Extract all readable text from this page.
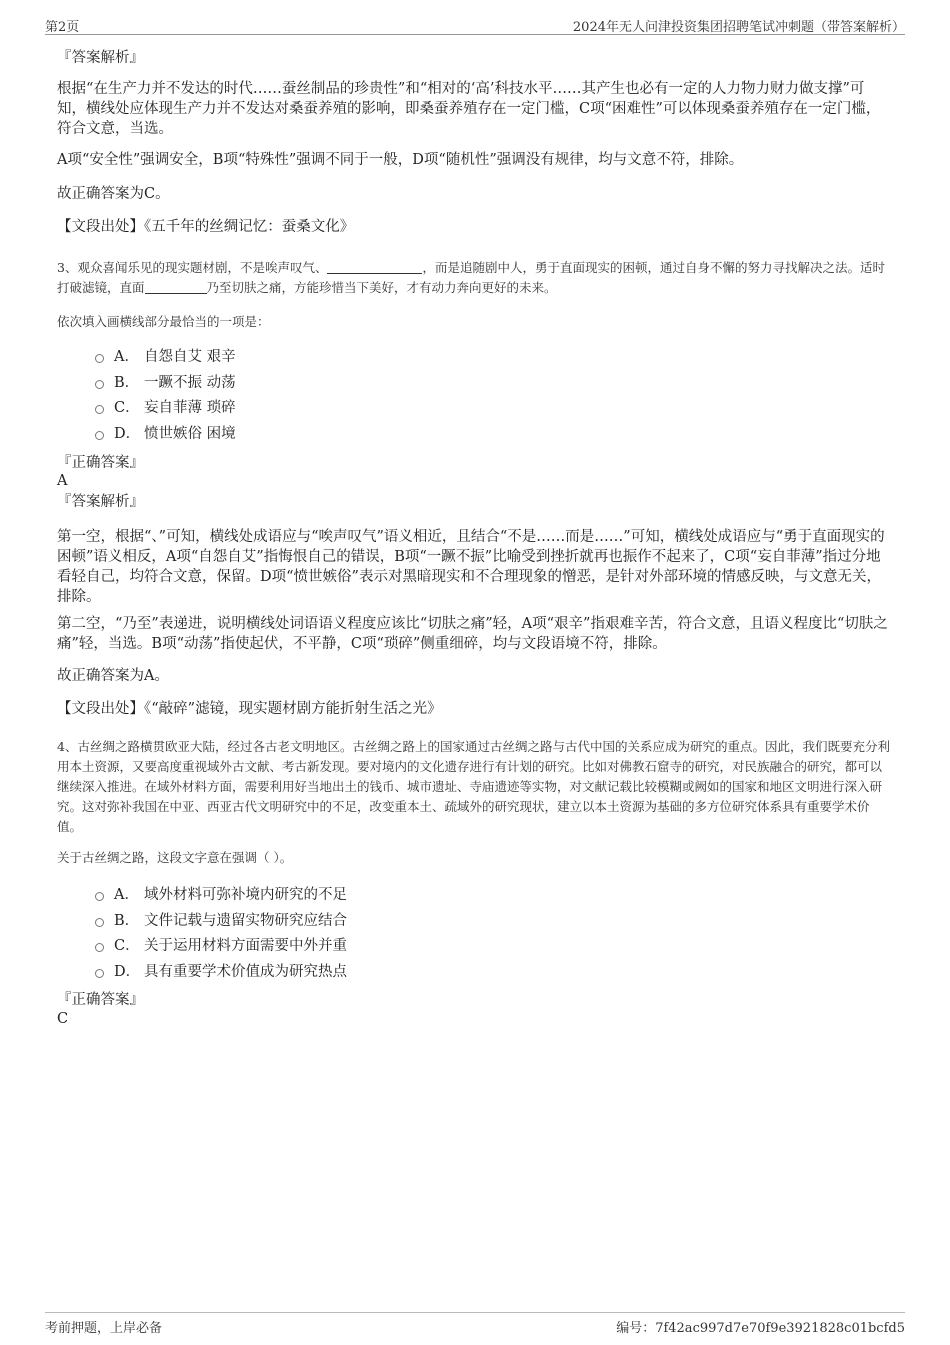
第2页	2024年无人问津投资集团招聘笔试冲刺题（带答案解析）
『答案解析』
根据“在生产力并不发达的时代……蚕丝制品的珍贵性”和“相对的‘高’科技水平……其产生也必有一定的人力物力财力做支撑”可知，横线处应体现生产力并不发达对桑蚕养殖的影响，即桑蚕养殖存在一定门槛，C项“困难性”可以体现桑蚕养殖存在一定门槛，符合文意，当选。
A项“安全性”强调安全，B项“特殊性”强调不同于一般，D项“随机性”强调没有规律，均与文意不符，排除。
故正确答案为C。
【文段出处】《五千年的丝绸记忆：蚕桑文化》
3、观众喜闻乐见的现实题材剧，不是唉声叹气、	，而是追随剧中人，勇于直面现实的困顿，通过自身不懈的努力寻找解决之法。适时打破滤镜，直面	乃至切肤之痛，方能珍惜当下美好，才有动力奔向更好的未来。
依次填入画横线部分最恰当的一项是：
A． 自怨自艾 艰辛
B． 一蹶不振 动荡
C． 妄自菲薄 琐碎
D． 愤世嫉俗 困境
『正确答案』
A
『答案解析』
第一空，根据“、”可知，横线处成语应与“唉声叹气”语义相近，且结合“不是……而是……”可知，横线处成语应与“勇于直面现实的困顿”语义相反，A项“自怨自艾”指悔恨自己的错误，B项“一蹶不振”比喻受到挫折就再也振作不起来了，C项“妄自菲薄”指过分地看轻自己，均符合文意，保留。D项“愤世嫉俗”表示对黑暗现实和不合理现象的憎恶，是针对外部环境的情感反映，与文意无关，排除。
第二空，“乃至”表递进，说明横线处词语语义程度应该比“切肤之痛”轻，A项“艰辛”指艰难辛苦，符合文意，且语义程度比“切肤之痛”轻，当选。B项“动荡”指使起伏，不平静，C项“琐碎”侧重细碎，均与文段语境不符，排除。
故正确答案为A。
【文段出处】《“敲碎”滤镜，现实题材剧方能折射生活之光》
4、古丝绸之路横贯欧亚大陆，经过各古老文明地区。古丝绸之路上的国家通过古丝绸之路与古代中国的关系应成为研究的重点。因此，我们既要充分利用本土资源，又要高度重视域外古文献、考古新发现。要对境内的文化遗存进行有计划的研究。比如对佛教石窟寺的研究，对民族融合的研究，都可以继续深入推进。在域外材料方面，需要利用好当地出土的钱币、城市遗址、寺庙遗迹等实物，对文献记载比较模糊或阙如的国家和地区文明进行深入研究。这对弥补我国在中亚、西亚古代文明研究中的不足，改变重本土、疏域外的研究现状，建立以本土资源为基础的多方位研究体系具有重要学术价值。
关于古丝绸之路，这段文字意在强调（ ）。
A． 域外材料可弥补境内研究的不足
B． 文件记载与遗留实物研究应结合
C． 关于运用材料方面需要中外并重
D． 具有重要学术价值成为研究热点
『正确答案』
C
考前押题，上岸必备	编号：7f42ac997d7e70f9e3921828c01bcfd5
